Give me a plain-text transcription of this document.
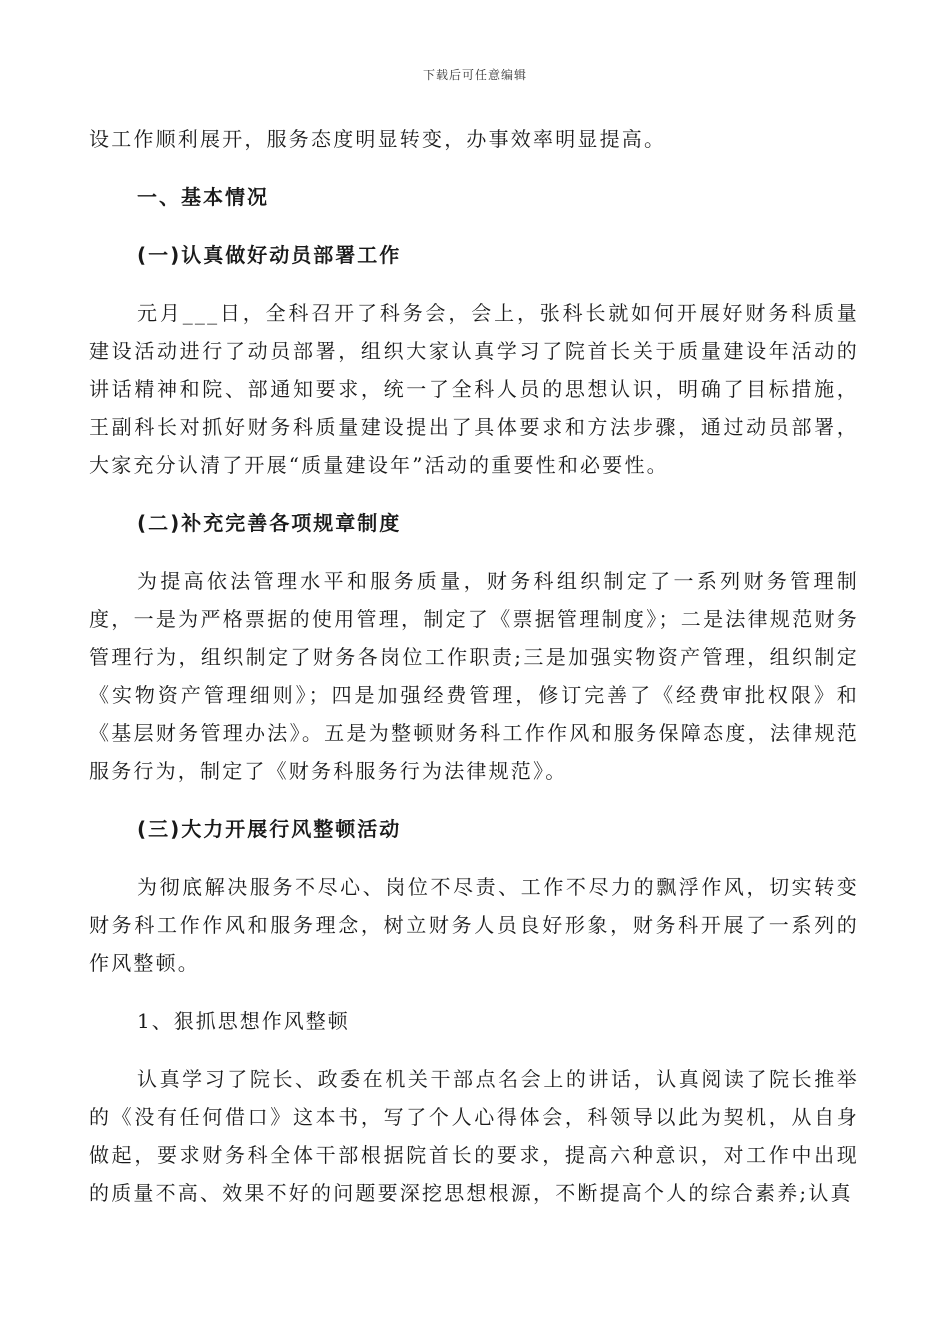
下载后可任意编辑

设工作顺利展开，服务态度明显转变，办事效率明显提高。

一、基本情况

(一)认真做好动员部署工作

元月___日，全科召开了科务会，会上，张科长就如何开展好财务科质量建设活动进行了动员部署，组织大家认真学习了院首长关于质量建设年活动的讲话精神和院、部通知要求，统一了全科人员的思想认识，明确了目标措施，王副科长对抓好财务科质量建设提出了具体要求和方法步骤，通过动员部署，大家充分认清了开展“质量建设年”活动的重要性和必要性。

(二)补充完善各项规章制度

为提高依法管理水平和服务质量，财务科组织制定了一系列财务管理制度，一是为严格票据的使用管理，制定了《票据管理制度》；二是法律规范财务管理行为，组织制定了财务各岗位工作职责;三是加强实物资产管理，组织制定《实物资产管理细则》；四是加强经费管理，修订完善了《经费审批权限》和《基层财务管理办法》。五是为整顿财务科工作作风和服务保障态度，法律规范服务行为，制定了《财务科服务行为法律规范》。

(三)大力开展行风整顿活动

为彻底解决服务不尽心、岗位不尽责、工作不尽力的飘浮作风，切实转变财务科工作作风和服务理念，树立财务人员良好形象，财务科开展了一系列的作风整顿。

1、狠抓思想作风整顿

认真学习了院长、政委在机关干部点名会上的讲话，认真阅读了院长推举的《没有任何借口》这本书，写了个人心得体会，科领导以此为契机，从自身做起，要求财务科全体干部根据院首长的要求，提高六种意识，对工作中出现的质量不高、效果不好的问题要深挖思想根源，不断提高个人的综合素养;认真
